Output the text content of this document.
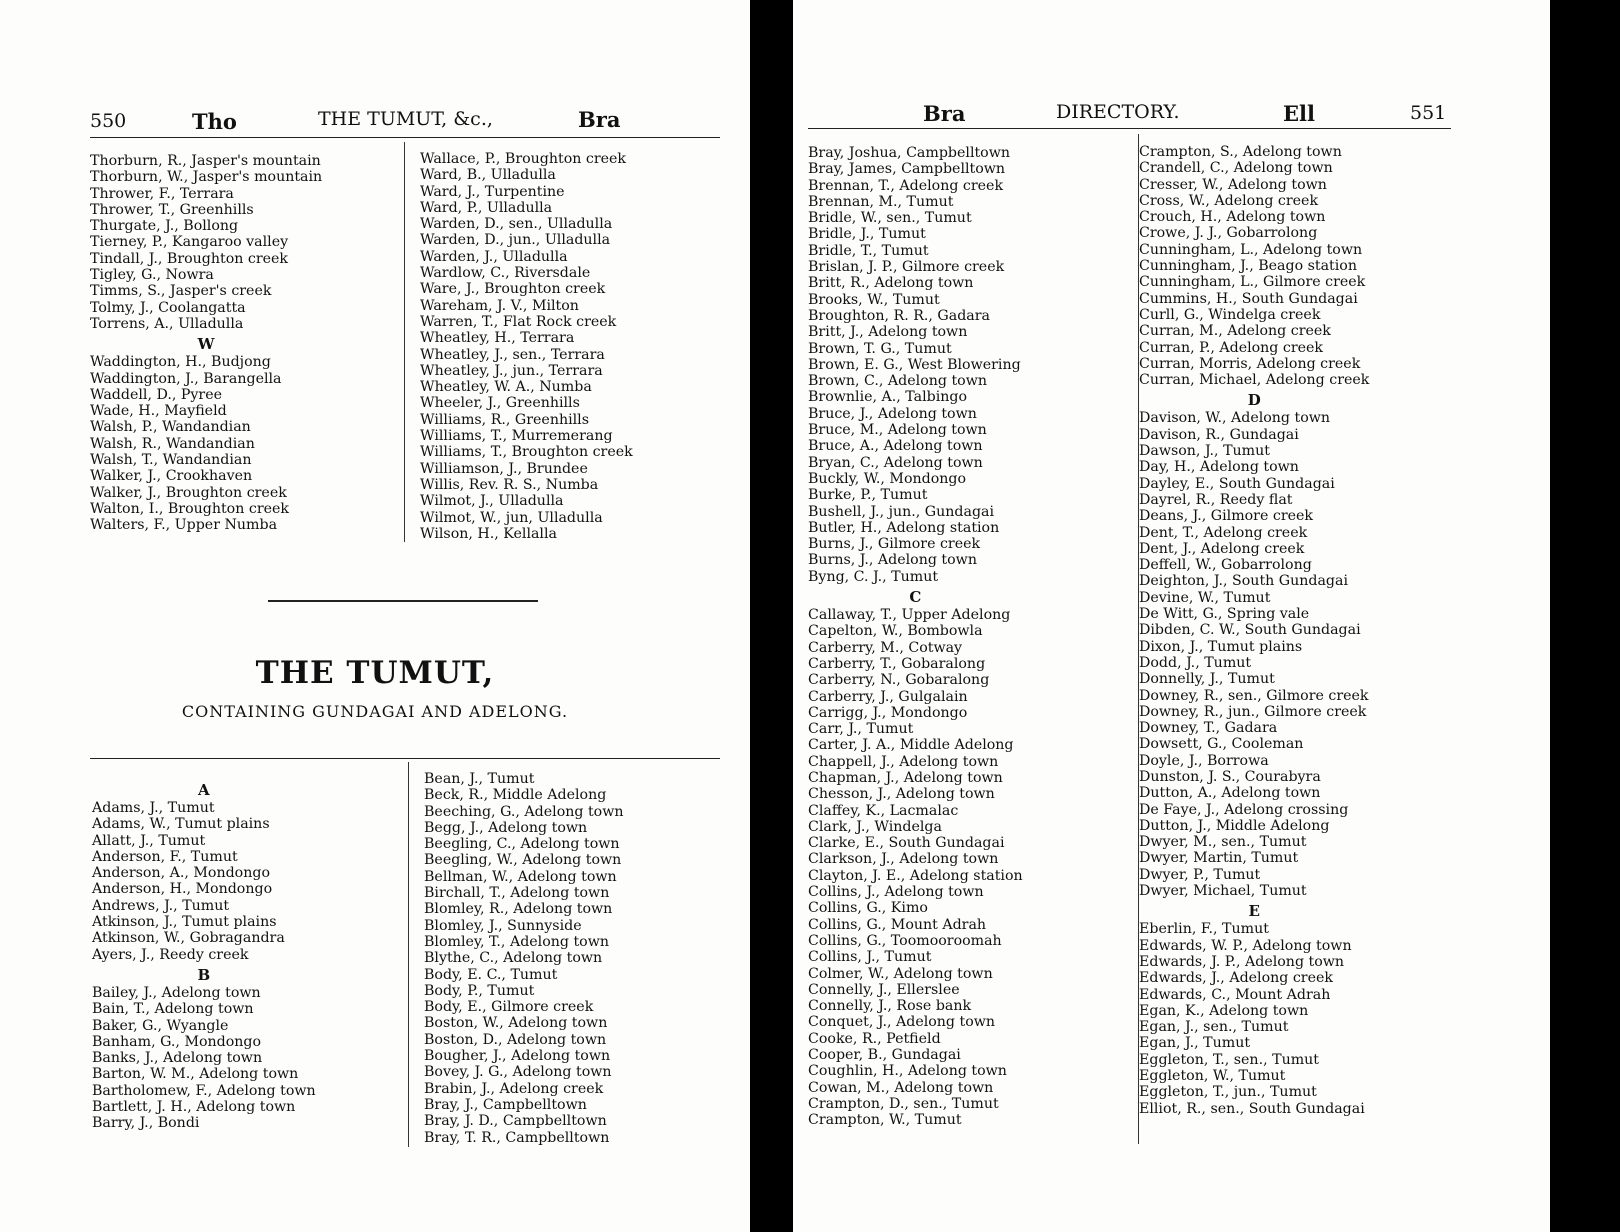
550	Tho	THE TUMUT, &c.,	Bra
Thorburn, R., Jasper's mountain
Thorburn, W., Jasper's mountain
Thrower, F., Terrara
Thrower, T., Greenhills
Thurgate, J., Bollong
Tierney, P., Kangaroo valley
Tindall, J., Broughton creek
Tigley, G., Nowra
Timms, S., Jasper's creek
Tolmy, J., Coolangatta
Torrens, A., Ulladulla
W
Waddington, H., Budjong
Waddington, J., Barangella
Waddell, D., Pyree
Wade, H., Mayfield
Walsh, P., Wandandian
Walsh, R., Wandandian
Walsh, T., Wandandian
Walker, J., Crookhaven
Walker, J., Broughton creek
Walton, I., Broughton creek
Walters, F., Upper Numba
Wallace, P., Broughton creek
Ward, B., Ulladulla
Ward, J., Turpentine
Ward, P., Ulladulla
Warden, D., sen., Ulladulla
Warden, D., jun., Ulladulla
Warden, J., Ulladulla
Wardlow, C., Riversdale
Ware, J., Broughton creek
Wareham, J. V., Milton
Warren, T., Flat Rock creek
Wheatley, H., Terrara
Wheatley, J., sen., Terrara
Wheatley, J., jun., Terrara
Wheatley, W. A., Numba
Wheeler, J., Greenhills
Williams, R., Greenhills
Williams, T., Murremerang
Williams, T., Broughton creek
Williamson, J., Brundee
Willis, Rev. R. S., Numba
Wilmot, J., Ulladulla
Wilmot, W., jun, Ulladulla
Wilson, H., Kellalla
THE TUMUT,
CONTAINING GUNDAGAI AND ADELONG.
A
Adams, J., Tumut
Adams, W., Tumut plains
Allatt, J., Tumut
Anderson, F., Tumut
Anderson, A., Mondongo
Anderson, H., Mondongo
Andrews, J., Tumut
Atkinson, J., Tumut plains
Atkinson, W., Gobragandra
Ayers, J., Reedy creek
B
Bailey, J., Adelong town
Bain, T., Adelong town
Baker, G., Wyangle
Banham, G., Mondongo
Banks, J., Adelong town
Barton, W. M., Adelong town
Bartholomew, F., Adelong town
Bartlett, J. H., Adelong town
Barry, J., Bondi
Bean, J., Tumut
Beck, R., Middle Adelong
Beeching, G., Adelong town
Begg, J., Adelong town
Beegling, C., Adelong town
Beegling, W., Adelong town
Bellman, W., Adelong town
Birchall, T., Adelong town
Blomley, R., Adelong town
Blomley, J., Sunnyside
Blomley, T., Adelong town
Blythe, C., Adelong town
Body, E. C., Tumut
Body, P., Tumut
Body, E., Gilmore creek
Boston, W., Adelong town
Boston, D., Adelong town
Bougher, J., Adelong town
Bovey, J. G., Adelong town
Brabin, J., Adelong creek
Bray, J., Campbelltown
Bray, J. D., Campbelltown
Bray, T. R., Campbelltown
Bra	DIRECTORY.	Ell	551
Bray, Joshua, Campbelltown
Bray, James, Campbelltown
Brennan, T., Adelong creek
Brennan, M., Tumut
Bridle, W., sen., Tumut
Bridle, J., Tumut
Bridle, T., Tumut
Brislan, J. P., Gilmore creek
Britt, R., Adelong town
Brooks, W., Tumut
Broughton, R. R., Gadara
Britt, J., Adelong town
Brown, T. G., Tumut
Brown, E. G., West Blowering
Brown, C., Adelong town
Brownlie, A., Talbingo
Bruce, J., Adelong town
Bruce, M., Adelong town
Bruce, A., Adelong town
Bryan, C., Adelong town
Buckly, W., Mondongo
Burke, P., Tumut
Bushell, J., jun., Gundagai
Butler, H., Adelong station
Burns, J., Gilmore creek
Burns, J., Adelong town
Byng, C. J., Tumut
C
Callaway, T., Upper Adelong
Capelton, W., Bombowla
Carberry, M., Cotway
Carberry, T., Gobaralong
Carberry, N., Gobaralong
Carberry, J., Gulgalain
Carrigg, J., Mondongo
Carr, J., Tumut
Carter, J. A., Middle Adelong
Chappell, J., Adelong town
Chapman, J., Adelong town
Chesson, J., Adelong town
Claffey, K., Lacmalac
Clark, J., Windelga
Clarke, E., South Gundagai
Clarkson, J., Adelong town
Clayton, J. E., Adelong station
Collins, J., Adelong town
Collins, G., Kimo
Collins, G., Mount Adrah
Collins, G., Toomooroomah
Collins, J., Tumut
Colmer, W., Adelong town
Connelly, J., Ellerslee
Connelly, J., Rose bank
Conquet, J., Adelong town
Cooke, R., Petfield
Cooper, B., Gundagai
Coughlin, H., Adelong town
Cowan, M., Adelong town
Crampton, D., sen., Tumut
Crampton, W., Tumut
Crampton, S., Adelong town
Crandell, C., Adelong town
Cresser, W., Adelong town
Cross, W., Adelong creek
Crouch, H., Adelong town
Crowe, J. J., Gobarrolong
Cunningham, L., Adelong town
Cunningham, J., Beago station
Cunningham, L., Gilmore creek
Cummins, H., South Gundagai
Curll, G., Windelga creek
Curran, M., Adelong creek
Curran, P., Adelong creek
Curran, Morris, Adelong creek
Curran, Michael, Adelong creek
D
Davison, W., Adelong town
Davison, R., Gundagai
Dawson, J., Tumut
Day, H., Adelong town
Dayley, E., South Gundagai
Dayrel, R., Reedy flat
Deans, J., Gilmore creek
Dent, T., Adelong creek
Dent, J., Adelong creek
Deffell, W., Gobarrolong
Deighton, J., South Gundagai
Devine, W., Tumut
De Witt, G., Spring vale
Dibden, C. W., South Gundagai
Dixon, J., Tumut plains
Dodd, J., Tumut
Donnelly, J., Tumut
Downey, R., sen., Gilmore creek
Downey, R., jun., Gilmore creek
Downey, T., Gadara
Dowsett, G., Cooleman
Doyle, J., Borrowa
Dunston, J. S., Courabyra
Dutton, A., Adelong town
De Faye, J., Adelong crossing
Dutton, J., Middle Adelong
Dwyer, M., sen., Tumut
Dwyer, Martin, Tumut
Dwyer, P., Tumut
Dwyer, Michael, Tumut
E
Eberlin, F., Tumut
Edwards, W. P., Adelong town
Edwards, J. P., Adelong town
Edwards, J., Adelong creek
Edwards, C., Mount Adrah
Egan, K., Adelong town
Egan, J., sen., Tumut
Egan, J., Tumut
Eggleton, T., sen., Tumut
Eggleton, W., Tumut
Eggleton, T., jun., Tumut
Elliot, R., sen., South Gundagai
